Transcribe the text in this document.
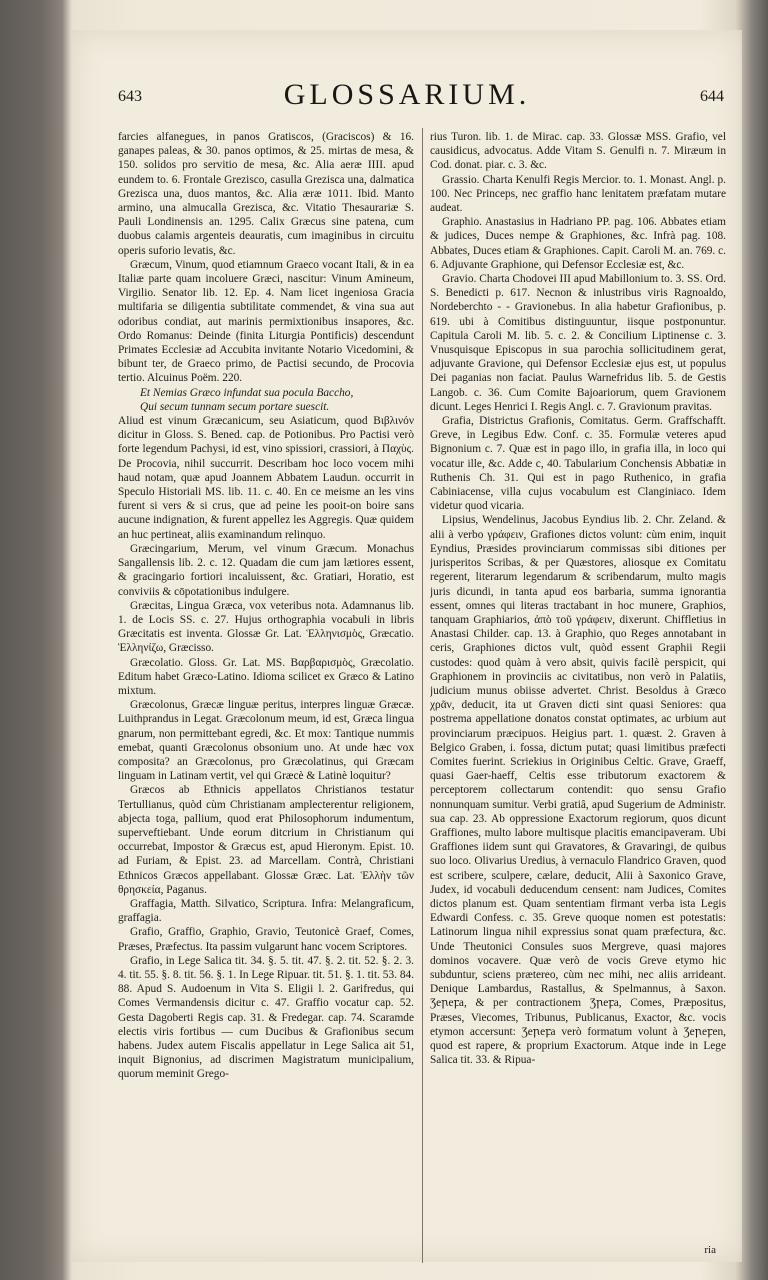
643	GLOSSARIUM.	644

farcies alfanegues, in panos Gratiscos, (Graciscos) & 16. ganapes paleas, & 30. panos optimos, & 25. mirtas de mesa, & 150. solidos pro servitio de mesa, &c. Alia aeræ IIII. apud eundem to. 6. Frontale Grezisco, casulla Grezisca una, dalmatica Grezisca una, duos mantos, &c. Alia æræ 1011. Ibid. Manto armino, una almucalla Grezisca, &c. Vitatio Thesaurariæ S. Pauli Londinensis an. 1295. Calix Græcus sine patena, cum duobus calamis argenteis deauratis, cum imaginibus in circuitu operis suforio levatis, &c.

Græcum, Vinum, quod etiamnum Graeco vocant Itali, & in ea Italiæ parte quam incoluere Græci, nascitur: Vinum Amineum, Virgilio. Senator lib. 12. Ep. 4. Nam licet ingeniosa Gracia multifaria se diligentia subtilitate commendet, & vina sua aut odoribus condiat, aut marinis permixtionibus insapores, &c. Ordo Romanus: Deinde (finita Liturgia Pontificis) descendunt Primates Ecclesiæ ad Accubita invitante Notario Vicedomini, & bibunt ter, de Graeco primo, de Pactisi secundo, de Procovia tertio. Alcuinus Poëm. 220.

Et Nemias Græco infundat sua pocula Baccho,

Qui secum tunnam secum portare suescit.

Aliud est vinum Græcanicum, seu Asiaticum, quod Bιβλινόν dicitur in Gloss. S. Bened. cap. de Potionibus. Pro Pactisi verò forte legendum Pachysi, id est, vino spissiori, crassiori, à Παχὺς. De Procovia, nihil succurrit. Describam hoc loco vocem mihi haud notam, quæ apud Joannem Abbatem Laudun. occurrit in Speculo Historiali MS. lib. 11. c. 40. En ce meisme an les vins furent si vers & si crus, que ad peine les pooit-on boire sans aucune indignation, & furent appellez les Aggregis. Quæ quidem an huc pertineat, aliis examinandum relinquo.

Græcingarium, Merum, vel vinum Græcum. Monachus Sangallensis lib. 2. c. 12. Quadam die cum jam lætiores essent, & gracingario fortiori incaluissent, &c. Gratiari, Horatio, est conviviis & cōpotationibus indulgere.

Græcitas, Lingua Græca, vox veteribus nota. Adamnanus lib. 1. de Locis SS. c. 27. Hujus orthographia vocabuli in libris Græcitatis est inventa. Glossæ Gr. Lat. Ἑλληνισμὸς, Græcatio. Ἑλληνίζω, Græcisso.

Græcolatio. Gloss. Gr. Lat. MS. Βαρβαρισμὸς, Græcolatio. Editum habet Græco-Latino. Idioma scilicet ex Græco & Latino mixtum.

Græcolonus, Græcæ linguæ peritus, interpres linguæ Græcæ. Luithprandus in Legat. Græcolonum meum, id est, Græca lingua gnarum, non permittebant egredi, &c. Et mox: Tantique nummis emebat, quanti Græcolonus obsonium uno. At unde hæc vox composita? an Græcolonus, pro Græcolatinus, qui Græcam linguam in Latinam vertit, vel qui Græcè & Latinè loquitur?

Græcos ab Ethnicis appellatos Christianos testatur Tertullianus, quòd cùm Christianam amplecterentur religionem, abjecta toga, pallium, quod erat Philosophorum indumentum, superveftiebant. Unde eorum ditcrium in Christianum qui occurrebat, Impostor & Græcus est, apud Hieronym. Epist. 10. ad Furiam, & Epist. 23. ad Marcellam. Contrà, Christiani Ethnicos Græcos appellabant. Glossæ Græc. Lat. Ἑλλὴν τῶν θρησκεία, Paganus.

Graffagia, Matth. Silvatico, Scriptura. Infra: Melangraficum, graffagia.

Grafio, Graffio, Graphio, Gravio, Teutonicè Graef, Comes, Præses, Præfectus. Ita passim vulgarunt hanc vocem Scriptores.

Grafio, in Lege Salica tit. 34. §. 5. tit. 47. §. 2. tit. 52. §. 2. 3. 4. tit. 55. §. 8. tit. 56. §. 1. In Lege Ripuar. tit. 51. §. 1. tit. 53. 84. 88. Apud S. Audoenum in Vita S. Eligii l. 2. Garifredus, qui Comes Vermandensis dicitur c. 47. Graffio vocatur cap. 52. Gesta Dagoberti Regis cap. 31. & Fredegar. cap. 74. Scaramde electis viris fortibus — cum Ducibus & Grafionibus secum habens. Judex autem Fiscalis appellatur in Lege Salica ait 51, inquit Bignonius, ad discrimen Magistratum municipalium, quorum meminit Grego-

rius Turon. lib. 1. de Mirac. cap. 33. Glossæ MSS. Grafio, vel causidicus, advocatus. Adde Vitam S. Genulfi n. 7. Miræum in Cod. donat. piar. c. 3. &c.

Grassio. Charta Kenulfi Regis Mercior. to. 1. Monast. Angl. p. 100. Nec Princeps, nec graffio hanc lenitatem præfatam mutare audeat.

Graphio. Anastasius in Hadriano PP. pag. 106. Abbates etiam & judices, Duces nempe & Graphiones, &c. Infrà pag. 108. Abbates, Duces etiam & Graphiones. Capit. Caroli M. an. 769. c. 6. Adjuvante Graphione, qui Defensor Ecclesiæ est, &c.

Gravio. Charta Chodovei III apud Mabillonium to. 3. SS. Ord. S. Benedicti p. 617. Necnon & inlustribus viris Ragnoaldo, Nordeberchto - - Gravionebus. In alia habetur Grafionibus, p. 619. ubi à Comitibus distinguuntur, iisque postponuntur. Capitula Caroli M. lib. 5. c. 2. & Concilium Liptinense c. 3. Vnusquisque Episcopus in sua parochia sollicitudinem gerat, adjuvante Gravione, qui Defensor Ecclesiæ ejus est, ut populus Dei paganias non faciat. Paulus Warnefridus lib. 5. de Gestis Langob. c. 36. Cum Comite Bajoariorum, quem Gravionem dicunt. Leges Henrici I. Regis Angl. c. 7. Gravionum pravitas.

Grafia, Districtus Grafionis, Comitatus. Germ. Graffschafft. Greve, in Legibus Edw. Conf. c. 35. Formulæ veteres apud Bignonium c. 7. Quæ est in pago illo, in grafia illa, in loco qui vocatur ille, &c. Adde c, 40. Tabularium Conchensis Abbatiæ in Ruthenis Ch. 31. Qui est in pago Ruthenico, in grafia Cabiniacense, villa cujus vocabulum est Clanginiaco. Idem videtur quod vicaria.

Lipsius, Wendelinus, Jacobus Eyndius lib. 2. Chr. Zeland. & alii à verbo γράφειν, Grafiones dictos volunt: cùm enim, inquit Eyndius, Præsides provinciarum commissas sibi ditiones per jurisperitos Scribas, & per Quæstores, aliosque ex Comitatu regerent, literarum legendarum & scribendarum, multo magis juris dicundi, in tanta apud eos barbaria, summa ignorantia essent, omnes qui literas tractabant in hoc munere, Graphios, tanquam Graphiarios, ἀπὸ τοῦ γράφειν, dixerunt. Chiffletius in Anastasi Childer. cap. 13. à Graphio, quo Reges annotabant in ceris, Graphiones dictos vult, quòd essent Graphii Regii custodes: quod quàm à vero absit, quivis facilè perspicit, qui Graphionem in provinciis ac civitatibus, non verò in Palatiis, judicium munus obiisse advertet. Christ. Besoldus à Græco χρᾶν, deducit, ita ut Graven dicti sint quasi Seniores: qua postrema appellatione donatos constat optimates, ac urbium aut provinciarum præcipuos. Heigius part. 1. quæst. 2. Graven à Belgico Graben, i. fossa, dictum putat; quasi limitibus præfecti Comites fuerint. Scriekius in Originibus Celtic. Grave, Graeff, quasi Gaer-haeff, Celtis esse tributorum exactorem & perceptorem collectarum contendit: quo sensu Grafio nonnunquam sumitur. Verbi gratiâ, apud Sugerium de Administr. sua cap. 23. Ab oppressione Exactorum regiorum, quos dicunt Graffiones, multo labore multisque placitis emancipaveram. Ubi Graffiones iidem sunt qui Gravatores, & Gravaringi, de quibus suo loco. Olivarius Uredius, à vernaculo Flandrico Graven, quod est scribere, sculpere, cælare, deducit, Alii à Saxonico Grave, Judex, id vocabuli deducendum censent: nam Judices, Comites dictos planum est. Quam sententiam firmant verba ista Legis Edwardi Confess. c. 35. Greve quoque nomen est potestatis: Latinorum lingua nihil expressius sonat quam præfectura, &c. Unde Theutonici Consules suos Mergreve, quasi majores dominos vocavere. Quæ verò de vocis Greve etymo hic subduntur, sciens prætereo, cùm nec mihi, nec aliis arrideant. Denique Lambardus, Rastallus, & Spelmannus, à Saxon. Ʒeꞃeꝼa, & per contractionem Ʒꞃeꝼa, Comes, Præpositus, Præses, Viecomes, Tribunus, Publicanus, Exactor, &c. vocis etymon accersunt: Ʒeꞃeꝼa verò formatum volunt à Ʒeꞃeꝼen, quod est rapere, & proprium Exactorum. Atque inde in Lege Salica tit. 33. & Ripua-

ria
